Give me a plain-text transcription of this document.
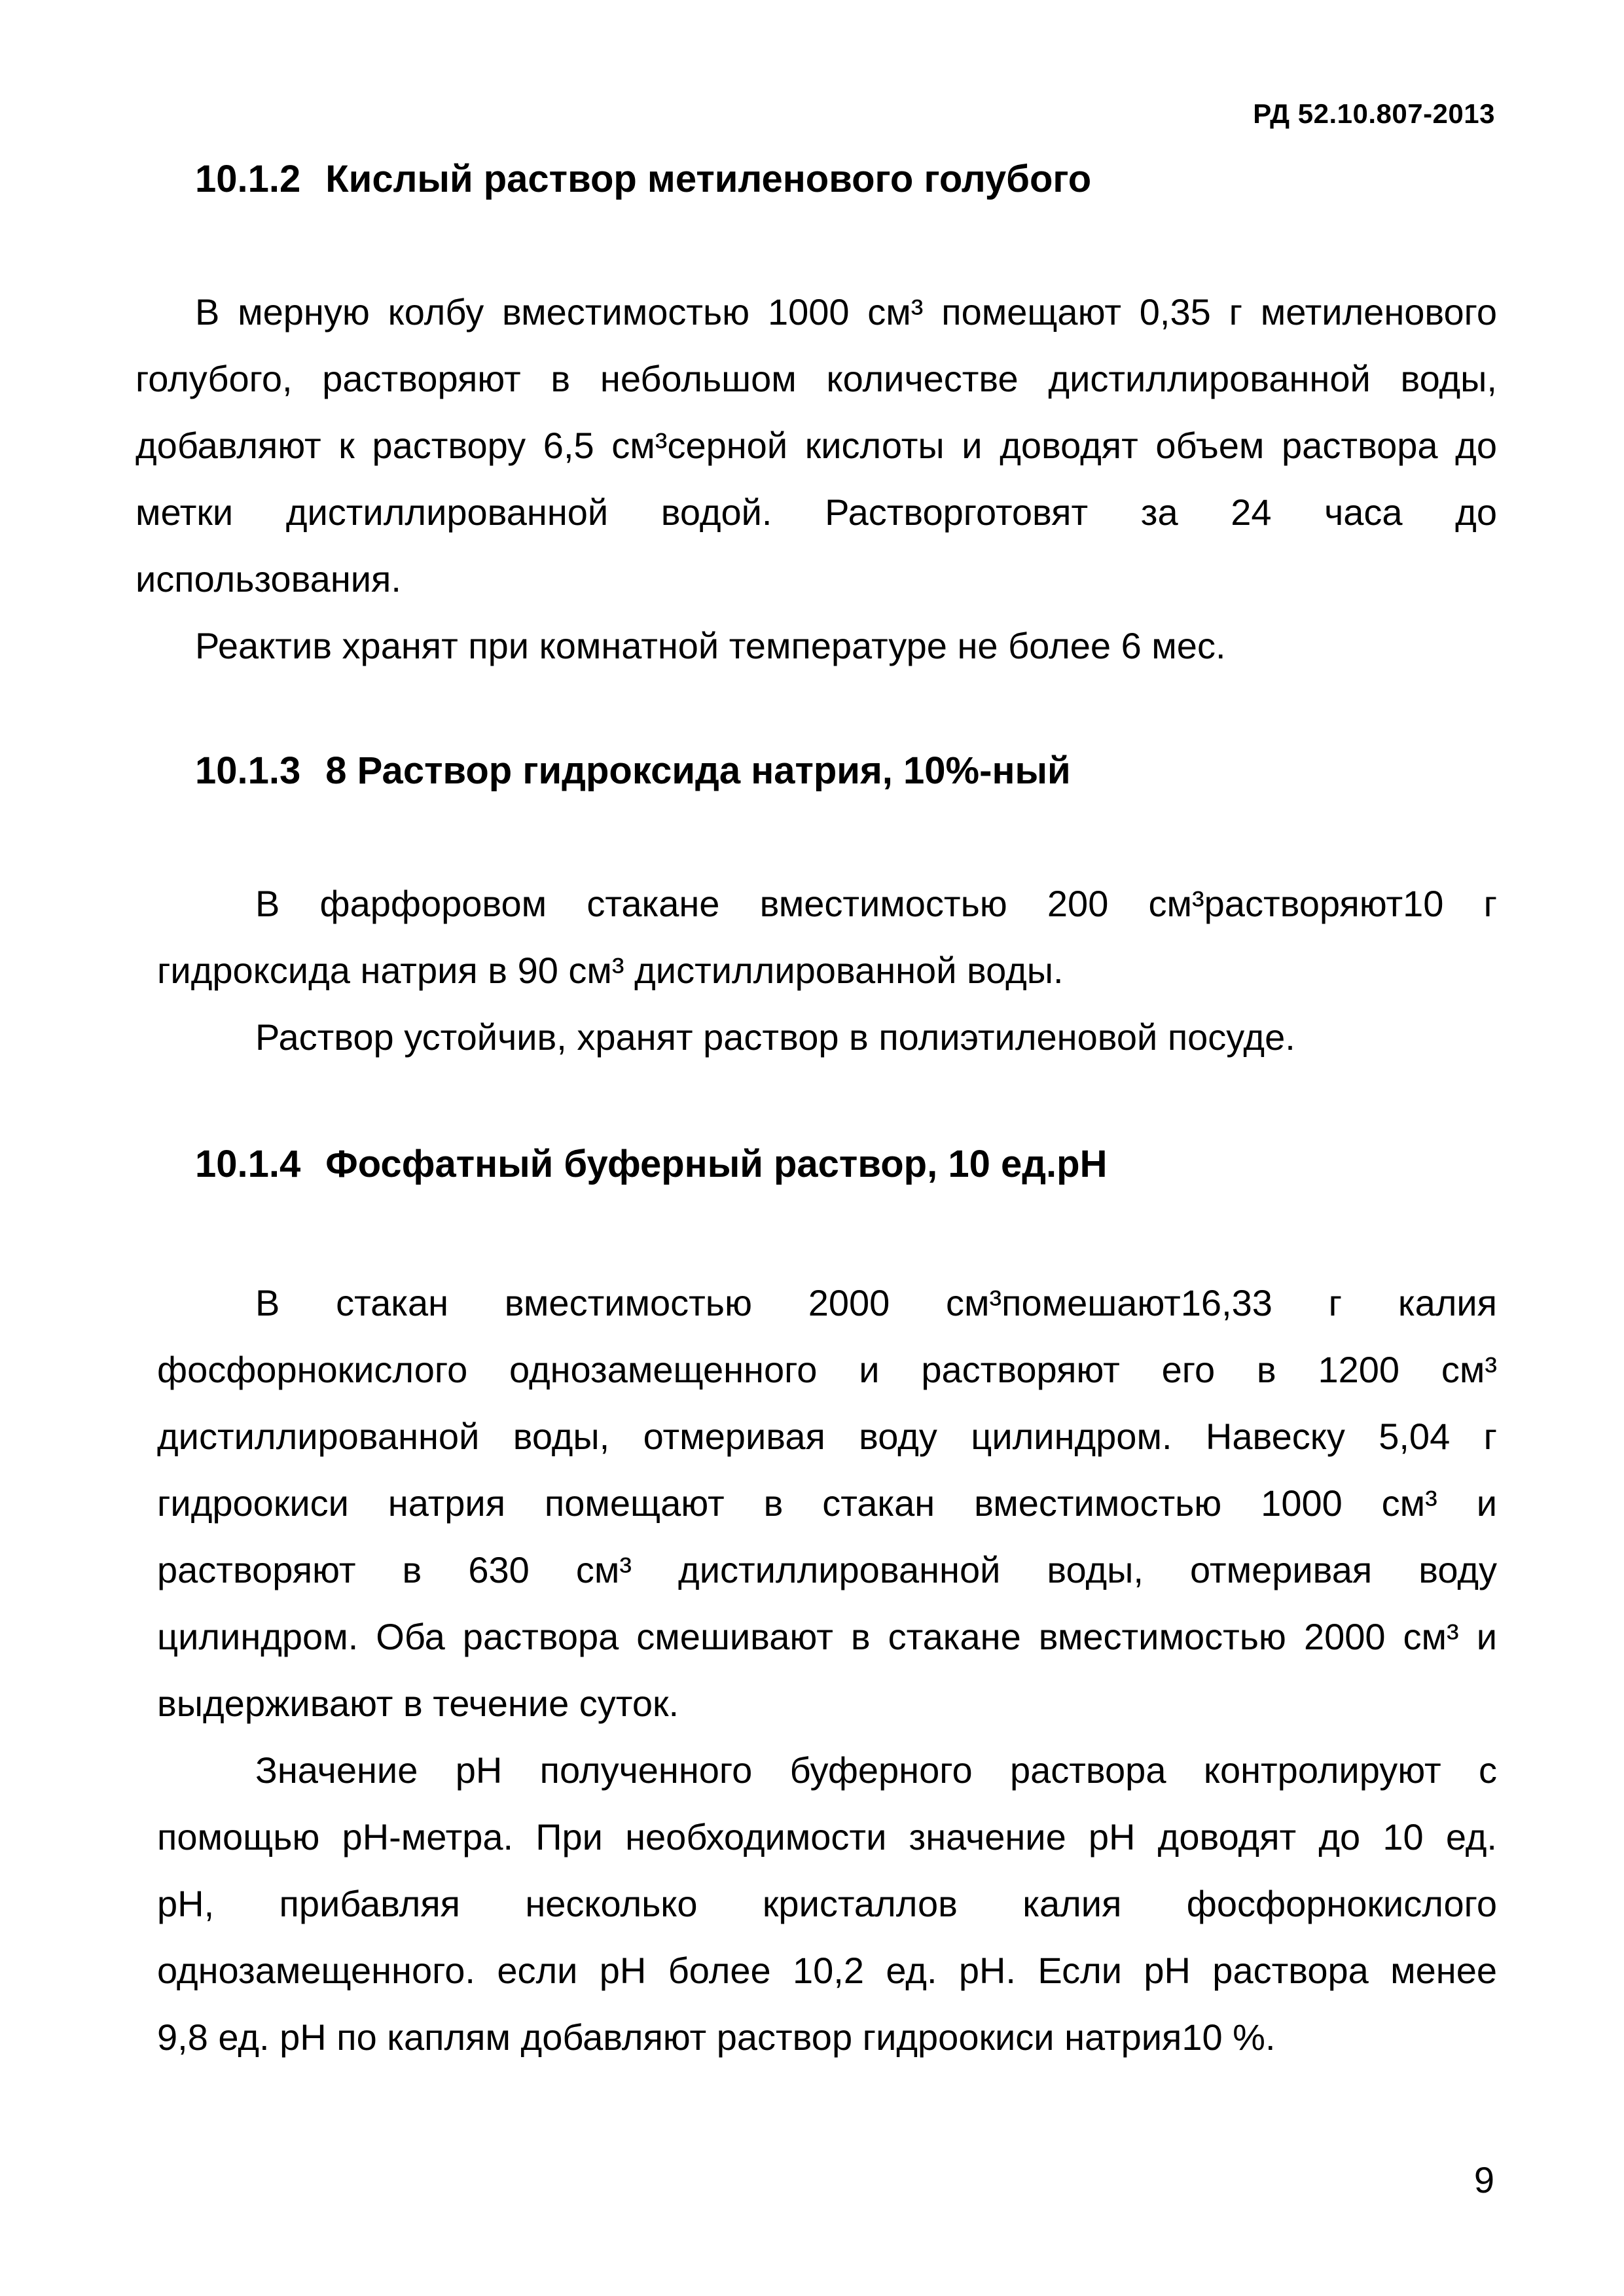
РД 52.10.807-2013
10.1.2 Кислый раствор метиленового голубого
В мерную колбу вместимостью 1000 см³ помещают 0,35 г метиленового
голубого, растворяют в небольшом количестве дистиллированной воды,
добавляют к раствору 6,5 см³серной кислоты и доводят объем раствора до
метки дистиллированной водой. Растворготовят за 24 часа до
использования.
Реактив хранят при комнатной температуре не более 6 мес.
10.1.3 8 Раствор гидроксида натрия, 10%-ный
В фарфоровом стакане вместимостью 200 см³растворяют10 г
гидроксида натрия в 90 см³ дистиллированной воды.
Раствор устойчив, хранят раствор в полиэтиленовой посуде.
10.1.4 Фосфатный буферный раствор, 10 ед.рН
В стакан вместимостью 2000 см³помешают16,33 г калия
фосфорнокислого однозамещенного и растворяют его в 1200 см³
дистиллированной воды, отмеривая воду цилиндром. Навеску 5,04 г
гидроокиси натрия помещают в стакан вместимостью 1000 см³ и
растворяют в 630 см³ дистиллированной воды, отмеривая воду
цилиндром. Оба раствора смешивают в стакане вместимостью 2000 см³ и
выдерживают в течение суток.
Значение рН полученного буферного раствора контролируют с
помощью рН-метра. При необходимости значение рН доводят до 10 ед.
рН, прибавляя несколько кристаллов калия фосфорнокислого
однозамещенного. если рН более 10,2 ед. рН. Если рН раствора менее
9,8 ед. рН по каплям добавляют раствор гидроокиси натрия10 %.
9
